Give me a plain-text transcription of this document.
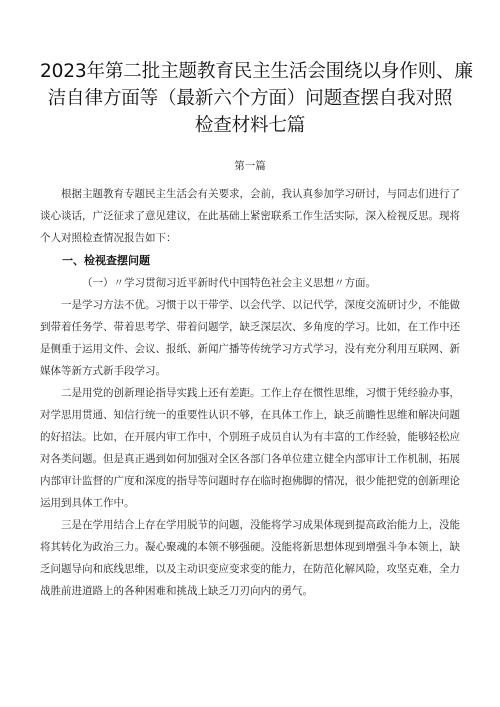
2023年第二批主题教育民主生活会围绕以身作则、廉
洁自律方面等（最新六个方面）问题查摆自我对照
检查材料七篇
第一篇

根据主题教育专题民主生活会有关要求，会前，我认真参加学习研讨，与同志们进行了谈心谈话，广泛征求了意见建议，在此基础上紧密联系工作生活实际，深入检视反思。现将个人对照检查情况报告如下：

一、检视查摆问题
（一）〃学习贯彻习近平新时代中国特色社会主义思想〃方面。

一是学习方法不优。习惯于以干带学、以会代学、以记代学，深度交流研讨少，不能做到带着任务学、带着思考学、带着问题学，缺乏深层次、多角度的学习。比如，在工作中还是侧重于运用文件、会议、报纸、新闻广播等传统学习方式学习，没有充分利用互联网、新媒体等新方式新手段学习。

二是用党的创新理论指导实践上还有差距。工作上存在惯性思维，习惯于凭经验办事，对学思用贯通、知信行统一的重要性认识不够，在具体工作上，缺乏前瞻性思维和解决问题的好招法。比如，在开展内审工作中，个别班子成员自认为有丰富的工作经验，能够轻松应对各类问题。但是真正遇到如何加强对全区各部门各单位建立健全内部审计工作机制，拓展内部审计监督的广度和深度的指导等问题时存在临时抱佛脚的情况，很少能把党的创新理论运用到具体工作中。

三是在学用结合上存在学用脱节的问题，没能将学习成果体现到提高政治能力上，没能将其转化为政治三力。凝心聚魂的本领不够强硬。没能将新思想体现到增强斗争本领上，缺乏问题导向和底线思维，以及主动识变应变求变的能力，在防范化解风险，攻坚克难，全力战胜前进道路上的各种困难和挑战上缺乏刀刃向内的勇气。
